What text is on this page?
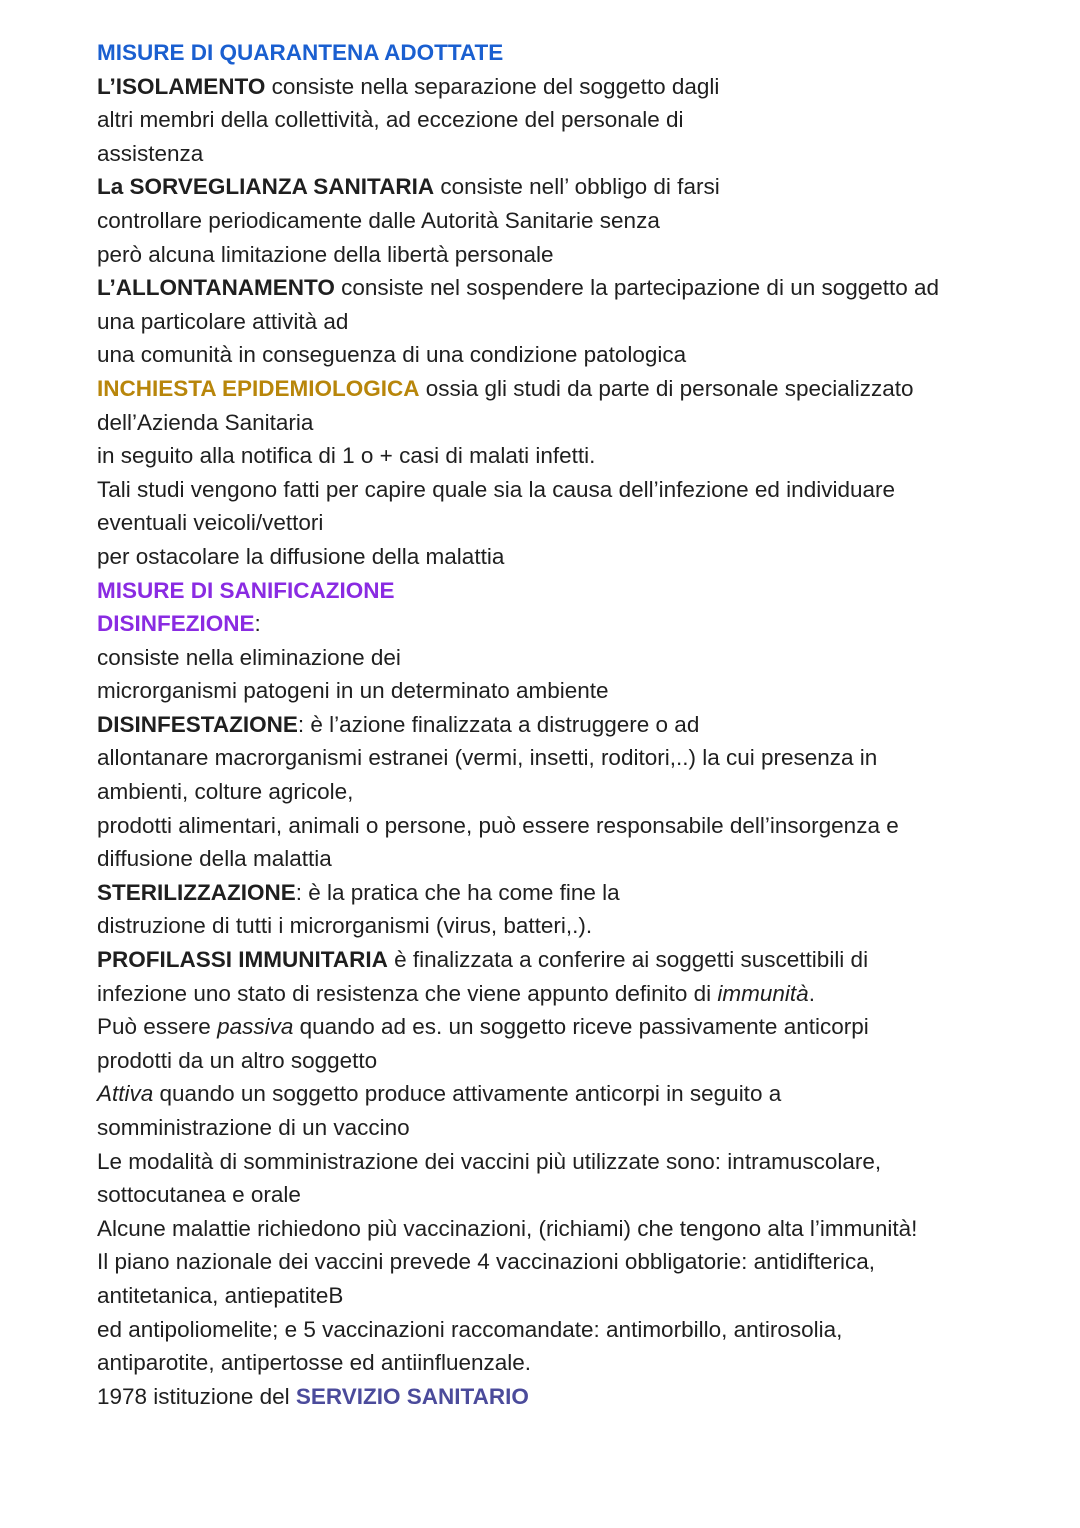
MISURE DI QUARANTENA ADOTTATE
L’ISOLAMENTO consiste nella separazione del soggetto dagli
altri membri della collettività, ad eccezione del personale di
assistenza
La SORVEGLIANZA SANITARIA consiste nell’ obbligo di farsi
controllare periodicamente dalle Autorità Sanitarie senza
però alcuna limitazione della libertà personale
L’ALLONTANAMENTO consiste nel sospendere la partecipazione di un soggetto ad
una particolare attività ad
una comunità in conseguenza di una condizione patologica
INCHIESTA EPIDEMIOLOGICA ossia gli studi da parte di personale specializzato
dell’Azienda Sanitaria
in seguito alla notifica di 1 o + casi di malati infetti.
Tali studi vengono fatti per capire quale sia la causa dell’infezione ed individuare
eventuali veicoli/vettori
per ostacolare la diffusione della malattia
MISURE DI SANIFICAZIONE
DISINFEZIONE:
consiste nella eliminazione dei
microrganismi patogeni in un determinato ambiente
DISINFESTAZIONE: è l’azione finalizzata a distruggere o ad
allontanare macrorganismi estranei (vermi, insetti, roditori,..) la cui presenza in
ambienti, colture agricole,
prodotti alimentari, animali o persone, può essere responsabile dell’insorgenza e
diffusione della malattia
STERILIZZAZIONE: è la pratica che ha come fine la
distruzione di tutti i microrganismi (virus, batteri,.).
PROFILASSI IMMUNITARIA è finalizzata a conferire ai soggetti suscettibili di
infezione uno stato di resistenza che viene appunto definito di immunità.
Può essere passiva quando ad es. un soggetto riceve passivamente anticorpi
prodotti da un altro soggetto
Attiva quando un soggetto produce attivamente anticorpi in seguito a
somministrazione di un vaccino
Le modalità di somministrazione dei vaccini più utilizzate sono: intramuscolare,
sottocutanea e orale
Alcune malattie richiedono più vaccinazioni, (richiami) che tengono alta l’immunità!
Il piano nazionale dei vaccini prevede 4 vaccinazioni obbligatorie: antidifterica,
antitetanica, antiepatiteB
ed antipoliomelite; e 5 vaccinazioni raccomandate: antimorbillo, antirosolia,
antiparotite, antipertosse ed antiinfluenzale.
1978 istituzione del SERVIZIO SANITARIO
